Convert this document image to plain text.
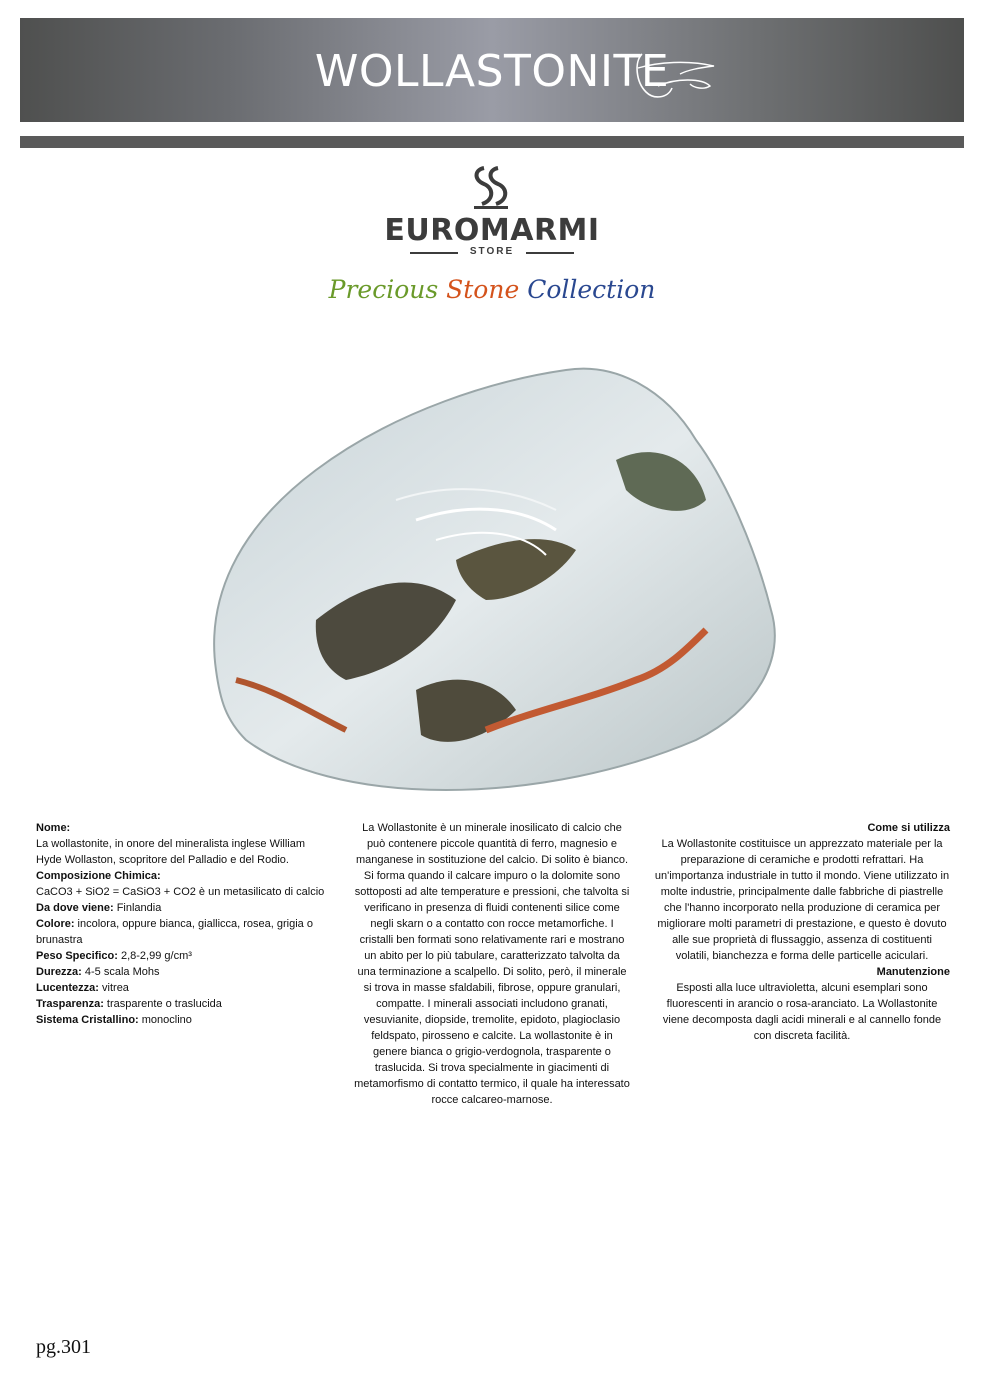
WOLLASTONITE
EUROMARMI
STORE
Precious Stone Collection
Nome:
La wollastonite, in onore del mineralista inglese William Hyde Wollaston, scopritore del Palladio e del Rodio.
Composizione Chimica:
CaCO3 + SiO2 = CaSiO3 + CO2 è un metasilicato di calcio
Da dove viene: Finlandia
Colore: incolora, oppure bianca, giallicca, rosea, grigia o brunastra
Peso Specifico: 2,8-2,99 g/cm³
Durezza: 4-5 scala Mohs
Lucentezza: vitrea
Trasparenza: trasparente o traslucida
Sistema Cristallino: monoclino

La Wollastonite è un minerale inosilicato di calcio che può contenere piccole quantità di ferro, magnesio e manganese in sostituzione del calcio. Di solito è bianco. Si forma quando il calcare impuro o la dolomite sono sottoposti ad alte temperature e pressioni, che talvolta si verificano in presenza di fluidi contenenti silice come negli skarn o a contatto con rocce metamorfiche. I cristalli ben formati sono relativamente rari e mostrano un abito per lo più tabulare, caratterizzato talvolta da una terminazione a scalpello. Di solito, però, il minerale si trova in masse sfaldabili, fibrose, oppure granulari, compatte. I minerali associati includono granati, vesuvianite, diopside, tremolite, epidoto, plagioclasio feldspato, pirosseno e calcite. La wollastonite è in genere bianca o grigio-verdognola, trasparente o traslucida. Si trova specialmente in giacimenti di metamorfismo di contatto termico, il quale ha interessato rocce calcareo-marnose.

Come si utilizza

La Wollastonite costituisce un apprezzato materiale per la preparazione di ceramiche e prodotti refrattari. Ha un'importanza industriale in tutto il mondo. Viene utilizzato in molte industrie, principalmente dalle fabbriche di piastrelle che l'hanno incorporato nella produzione di ceramica per migliorare molti parametri di prestazione, e questo è dovuto alle sue proprietà di flussaggio, assenza di costituenti volatili, bianchezza e forma delle particelle aciculari.

Manutenzione

Esposti alla luce ultravioletta, alcuni esemplari sono fluorescenti in arancio o rosa-aranciato. La Wollastonite viene decomposta dagli acidi minerali e al cannello fonde con discreta facilità.

pg.301
